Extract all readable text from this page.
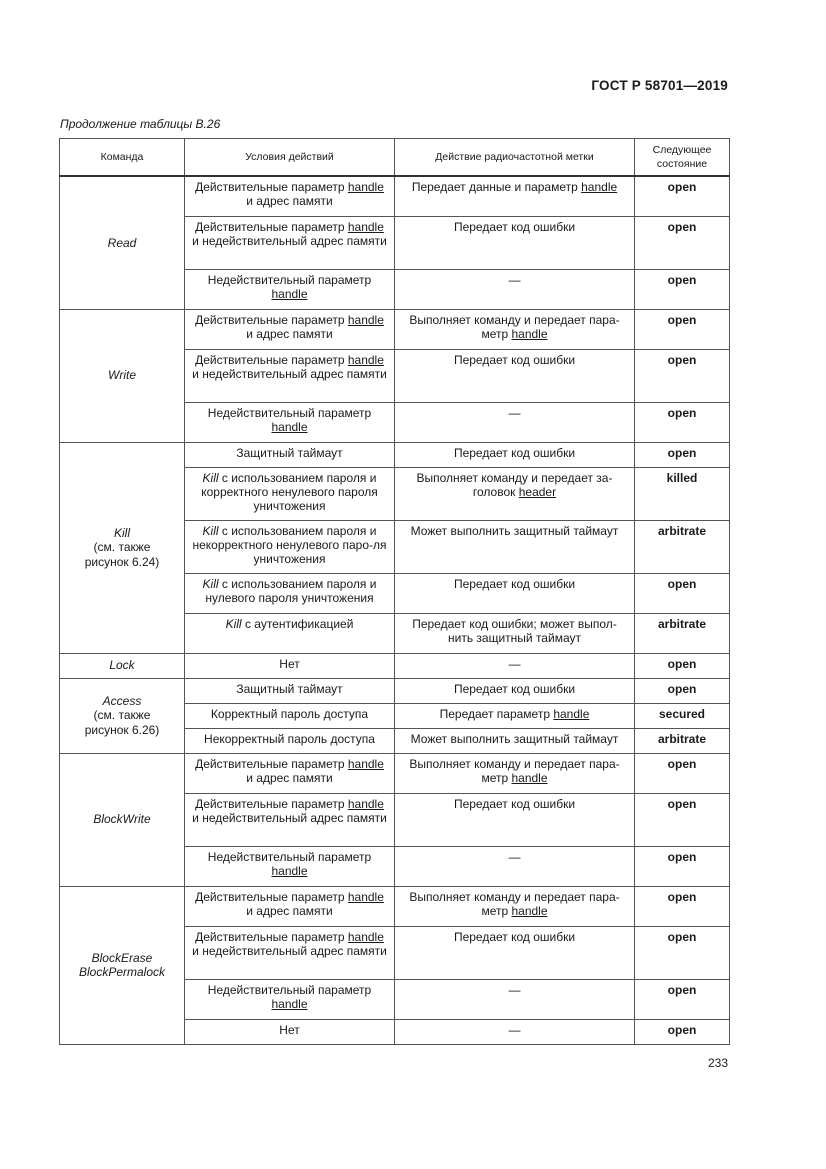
ГОСТ Р 58701—2019
Продолжение таблицы В.26
Команда	Условия действий	Действие радиочастотной метки	Следующее
состояние
Read	Действительные параметр handle и адрес памяти	Передает данные и параметр handle	open
	Действительные параметр handle и недействительный адрес памяти	Передает код ошибки	open
	Недействительный параметр handle	—	open
Write	Действительные параметр handle и адрес памяти	Выполняет команду и передает пара-метр handle	open
	Действительные параметр handle и недействительный адрес памяти	Передает код ошибки	open
	Недействительный параметр handle	—	open
Kill
(см. также
рисунок 6.24)	Защитный таймаут	Передает код ошибки	open
	Kill с использованием пароля и корректного ненулевого пароля уничтожения	Выполняет команду и передает за-головок header	killed
	Kill с использованием пароля и некорректного ненулевого паро-ля уничтожения	Может выполнить защитный таймаут	arbitrate
	Kill с использованием пароля и нулевого пароля уничтожения	Передает код ошибки	open
	Kill с аутентификацией	Передает код ошибки; может выпол-нить защитный таймаут	arbitrate
Lock	Нет	—	open
Access
(см. также
рисунок 6.26)	Защитный таймаут	Передает код ошибки	open
	Корректный пароль доступа	Передает параметр handle	secured
	Некорректный пароль доступа	Может выполнить защитный таймаут	arbitrate
BlockWrite	Действительные параметр handle и адрес памяти	Выполняет команду и передает пара-метр handle	open
	Действительные параметр handle и недействительный адрес памяти	Передает код ошибки	open
	Недействительный параметр handle	—	open
BlockErase
BlockPermalock	Действительные параметр handle и адрес памяти	Выполняет команду и передает пара-метр handle	open
	Действительные параметр handle и недействительный адрес памяти	Передает код ошибки	open
	Недействительный параметр handle	—	open
	Нет	—	open
233
